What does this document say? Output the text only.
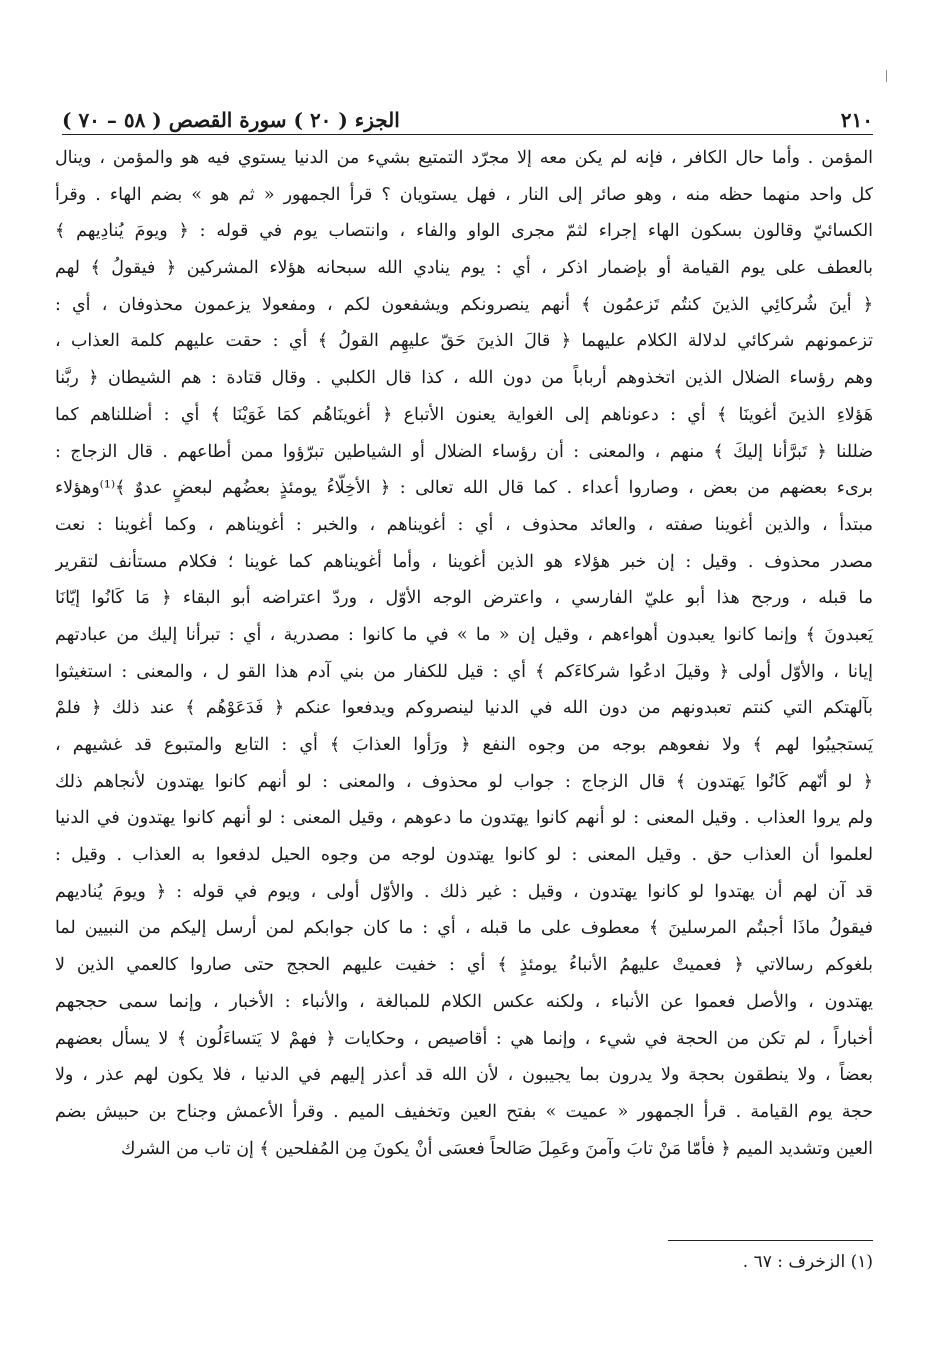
٢١٠
الجزء ( ٢٠ ) سورة القصص ( ٥٨ – ٧٠ )
المؤمن . وأما حال الكافر ، فإنه لم يكن معه إلا مجرّد التمتيع بشيء من الدنيا يستوي فيه هو والمؤمن ، وينال
كل واحد منهما حظه منه ، وهو صائر إلى النار ، فهل يستويان ؟ قرأ الجمهور « ثم هو » بضم الهاء . وقرأ
الكسائيّ وقالون بسكون الهاء إجراء لثمّ مجرى الواو والفاء ، وانتصاب يوم في قوله : ﴿ ويومَ يُنادِيهم ﴾
بالعطف على يوم القيامة أو بإضمار اذكر ، أي : يوم ينادي الله سبحانه هؤلاء المشركين ﴿ فيقولُ ﴾ لهم
﴿ أينَ شُركائِي الذينَ كنتُم تَزعمُون ﴾ أنهم ينصرونكم ويشفعون لكم ، ومفعولا يزعمون محذوفان ، أي :
تزعمونهم شركائي لدلالة الكلام عليهما ﴿ قالَ الذينَ حَقّ عليهِم القولُ ﴾ أي : حقت عليهم كلمة العذاب ،
وهم رؤساء الضلال الذين اتخذوهم أرباباً من دون الله ، كذا قال الكلبي . وقال قتادة : هم الشيطان ﴿ ربَّنا
هَؤلاءِ الذينَ أغوينَا ﴾ أي : دعوناهم إلى الغواية يعنون الأتباع ﴿ أغوينَاهُم كمَا غَوَيْنَا ﴾ أي : أضللناهم كما
ضللنا ﴿ تَبرَّأنا إليكَ ﴾ منهم ، والمعنى : أن رؤساء الضلال أو الشياطين تبرّؤوا ممن أطاعهم . قال الزجاج :
برىء بعضهم من بعض ، وصاروا أعداء . كما قال الله تعالى : ﴿ الأخِلّاءُ يومئذٍ بعضُهم لبعضٍ عدوٌ ﴾⁽¹⁾وهؤلاء
مبتدأ ، والذين أغوينا صفته ، والعائد محذوف ، أي : أغويناهم ، والخبر : أغويناهم ، وكما أغوينا : نعت
مصدر محذوف . وقيل : إن خبر هؤلاء هو الذين أغوينا ، وأما أغويناهم كما غوينا ؛ فكلام مستأنف لتقرير
ما قبله ، ورجح هذا أبو عليّ الفارسي ، واعترض الوجه الأوّل ، وردّ اعتراضه أبو البقاء ﴿ مَا كَانُوا إيّانَا
يَعبدونَ ﴾ وإنما كانوا يعبدون أهواءهم ، وقيل إن « ما » في ما كانوا : مصدرية ، أي : تبرأنا إليك من عبادتهم
إيانا ، والأوّل أولى ﴿ وقيلَ ادعُوا شركاءَكم ﴾ أي : قيل للكفار من بني آدم هذا القو ل ، والمعنى : استغيثوا
بآلهتكم التي كنتم تعبدونهم من دون الله في الدنيا لينصروكم ويدفعوا عنكم ﴿ فَدَعَوْهُم ﴾ عند ذلك ﴿ فلمْ
يَستجيبُوا لهم ﴾ ولا نفعوهم بوجه من وجوه النفع ﴿ ورَأوا العذابَ ﴾ أي : التابع والمتبوع قد غشيهم ،
﴿ لو أنّهم كَانُوا يَهتدون ﴾ قال الزجاج : جواب لو محذوف ، والمعنى : لو أنهم كانوا يهتدون لأنجاهم ذلك
ولم يروا العذاب . وقيل المعنى : لو أنهم كانوا يهتدون ما دعوهم ، وقيل المعنى : لو أنهم كانوا يهتدون في الدنيا
لعلموا أن العذاب حق . وقيل المعنى : لو كانوا يهتدون لوجه من وجوه الحيل لدفعوا به العذاب . وقيل :
قد آن لهم أن يهتدوا لو كانوا يهتدون ، وقيل : غير ذلك . والأوّل أولى ، ويوم في قوله : ﴿ ويومَ يُناديهم
فيقولُ ماذَا أجبتُم المرسلينَ ﴾ معطوف على ما قبله ، أي : ما كان جوابكم لمن أرسل إليكم من النبيين لما
بلغوكم رسالاتي ﴿ فعميتْ عليهمُ الأنباءُ يومئذٍ ﴾ أي : خفيت عليهم الحجج حتى صاروا كالعمي الذين لا
يهتدون ، والأصل فعموا عن الأنباء ، ولكنه عكس الكلام للمبالغة ، والأنباء : الأخبار ، وإنما سمى حججهم
أخباراً ، لم تكن من الحجة في شيء ، وإنما هي : أقاصيص ، وحكايات ﴿ فهمْ لا يَتساءَلُون ﴾ لا يسأل بعضهم
بعضاً ، ولا ينطقون بحجة ولا يدرون بما يجيبون ، لأن الله قد أعذر إليهم في الدنيا ، فلا يكون لهم عذر ، ولا
حجة يوم القيامة . قرأ الجمهور « عميت » بفتح العين وتخفيف الميم . وقرأ الأعمش وجناح بن حبيش بضم
العين وتشديد الميم ﴿ فأمّا مَنْ تابَ وآمنَ وعَمِلَ صَالحاً فعسَى أنْ يكونَ مِن المُفلحين ﴾ إن تاب من الشرك
(١) الزخرف : ٦٧ .
